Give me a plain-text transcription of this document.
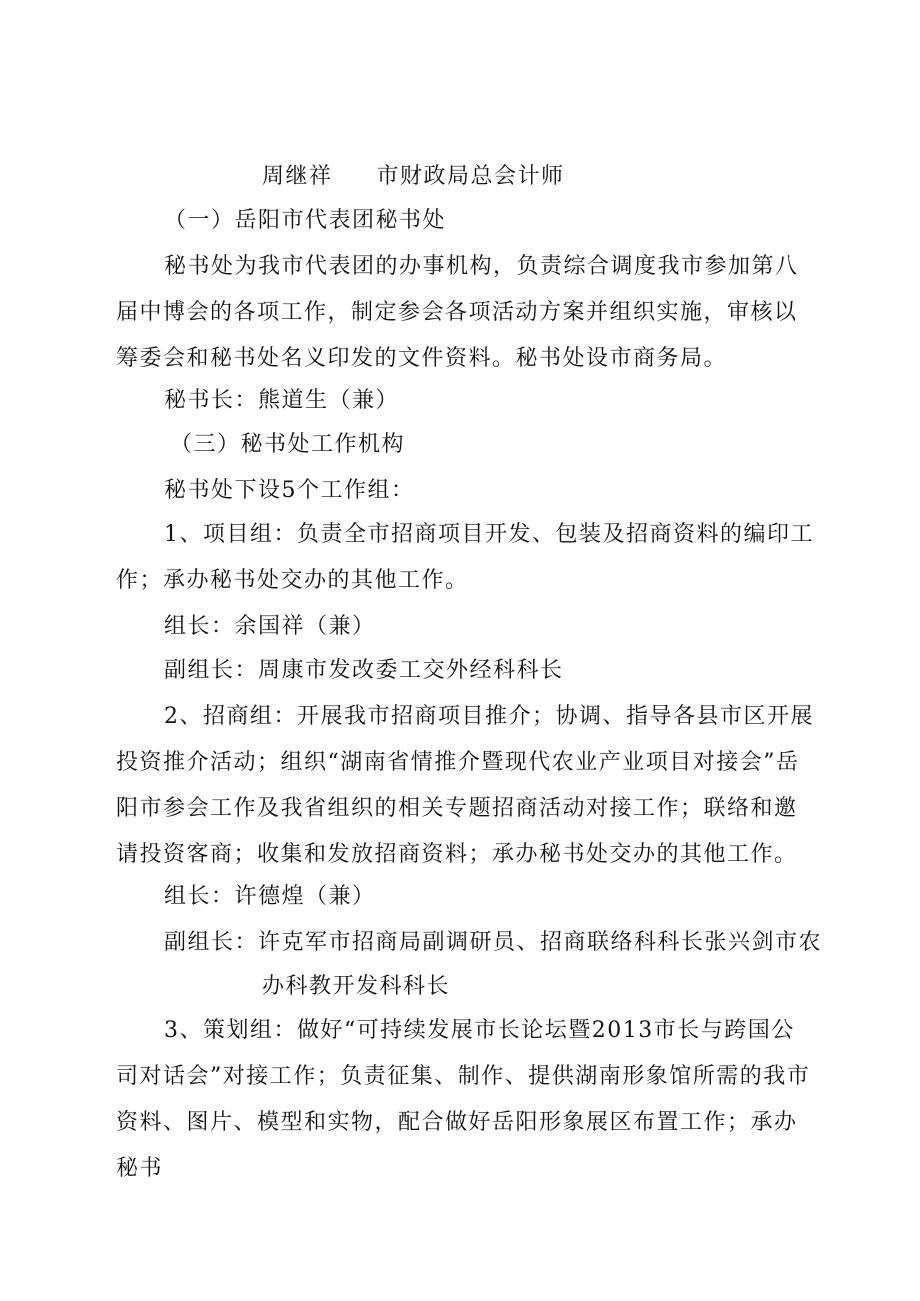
周继祥 市财政局总会计师

（一）岳阳市代表团秘书处

秘书处为我市代表团的办事机构，负责综合调度我市参加第八届中博会的各项工作，制定参会各项活动方案并组织实施，审核以筹委会和秘书处名义印发的文件资料。秘书处设市商务局。

秘书长：熊道生（兼）

（三）秘书处工作机构

秘书处下设5个工作组：

1、项目组：负责全市招商项目开发、包装及招商资料的编印工作；承办秘书处交办的其他工作。

组长：余国祥（兼）

副组长：周康市发改委工交外经科科长

2、招商组：开展我市招商项目推介；协调、指导各县市区开展投资推介活动；组织“湖南省情推介暨现代农业产业项目对接会”岳阳市参会工作及我省组织的相关专题招商活动对接工作；联络和邀请投资客商；收集和发放招商资料；承办秘书处交办的其他工作。

组长：许德煌（兼）

副组长：许克军市招商局副调研员、招商联络科科长张兴剑市农

办科教开发科科长

3、策划组：做好“可持续发展市长论坛暨2013市长与跨国公司对话会”对接工作；负责征集、制作、提供湖南形象馆所需的我市资料、图片、模型和实物，配合做好岳阳形象展区布置工作；承办秘书
